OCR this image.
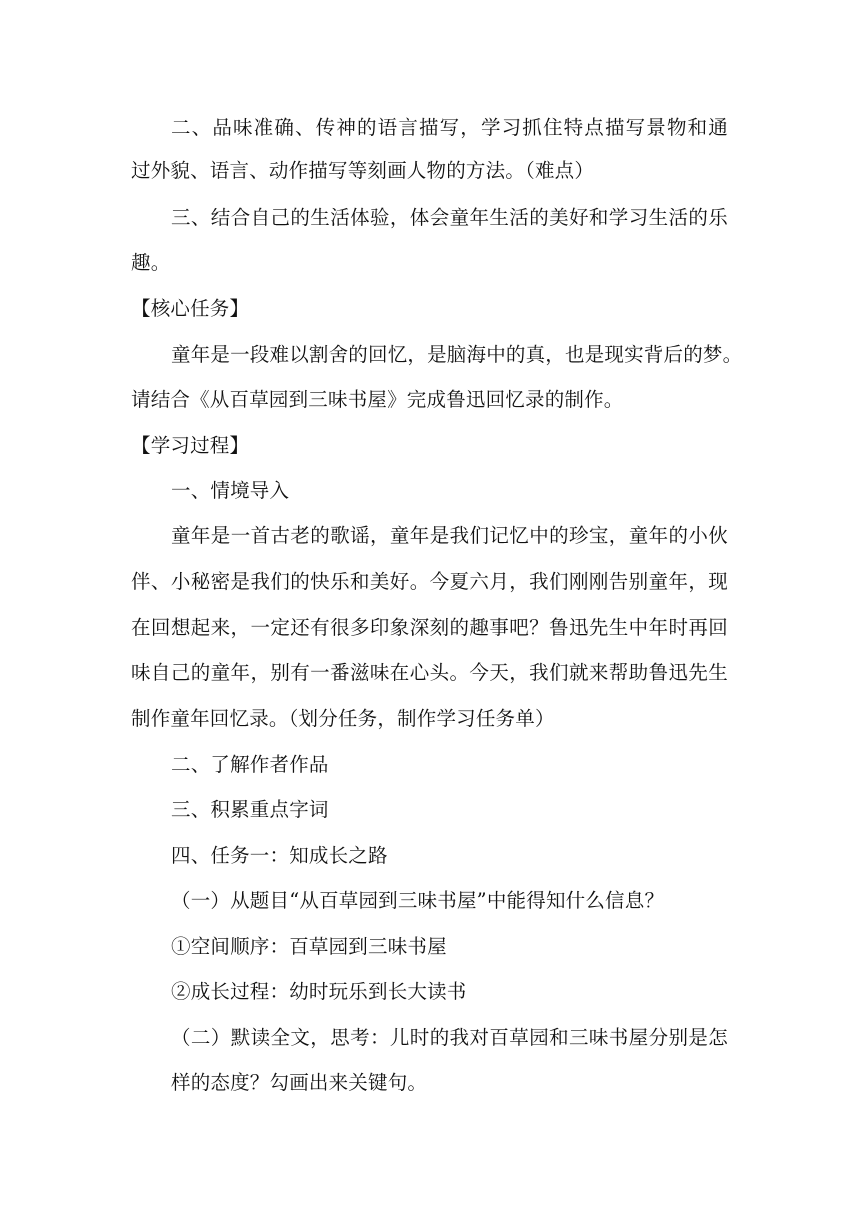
二、品味准确、传神的语言描写，学习抓住特点描写景物和通
过外貌、语言、动作描写等刻画人物的方法。（难点）
三、结合自己的生活体验，体会童年生活的美好和学习生活的乐
趣。
【核心任务】
童年是一段难以割舍的回忆，是脑海中的真，也是现实背后的梦。
请结合《从百草园到三味书屋》完成鲁迅回忆录的制作。
【学习过程】
一、情境导入
童年是一首古老的歌谣，童年是我们记忆中的珍宝，童年的小伙
伴、小秘密是我们的快乐和美好。今夏六月，我们刚刚告别童年，现
在回想起来，一定还有很多印象深刻的趣事吧？鲁迅先生中年时再回
味自己的童年，别有一番滋味在心头。今天，我们就来帮助鲁迅先生
制作童年回忆录。（划分任务，制作学习任务单）
二、了解作者作品
三、积累重点字词
四、任务一：知成长之路
（一）从题目“从百草园到三味书屋”中能得知什么信息？
①空间顺序：百草园到三味书屋
②成长过程：幼时玩乐到长大读书
（二）默读全文，思考：儿时的我对百草园和三味书屋分别是怎
样的态度？勾画出来关键句。
